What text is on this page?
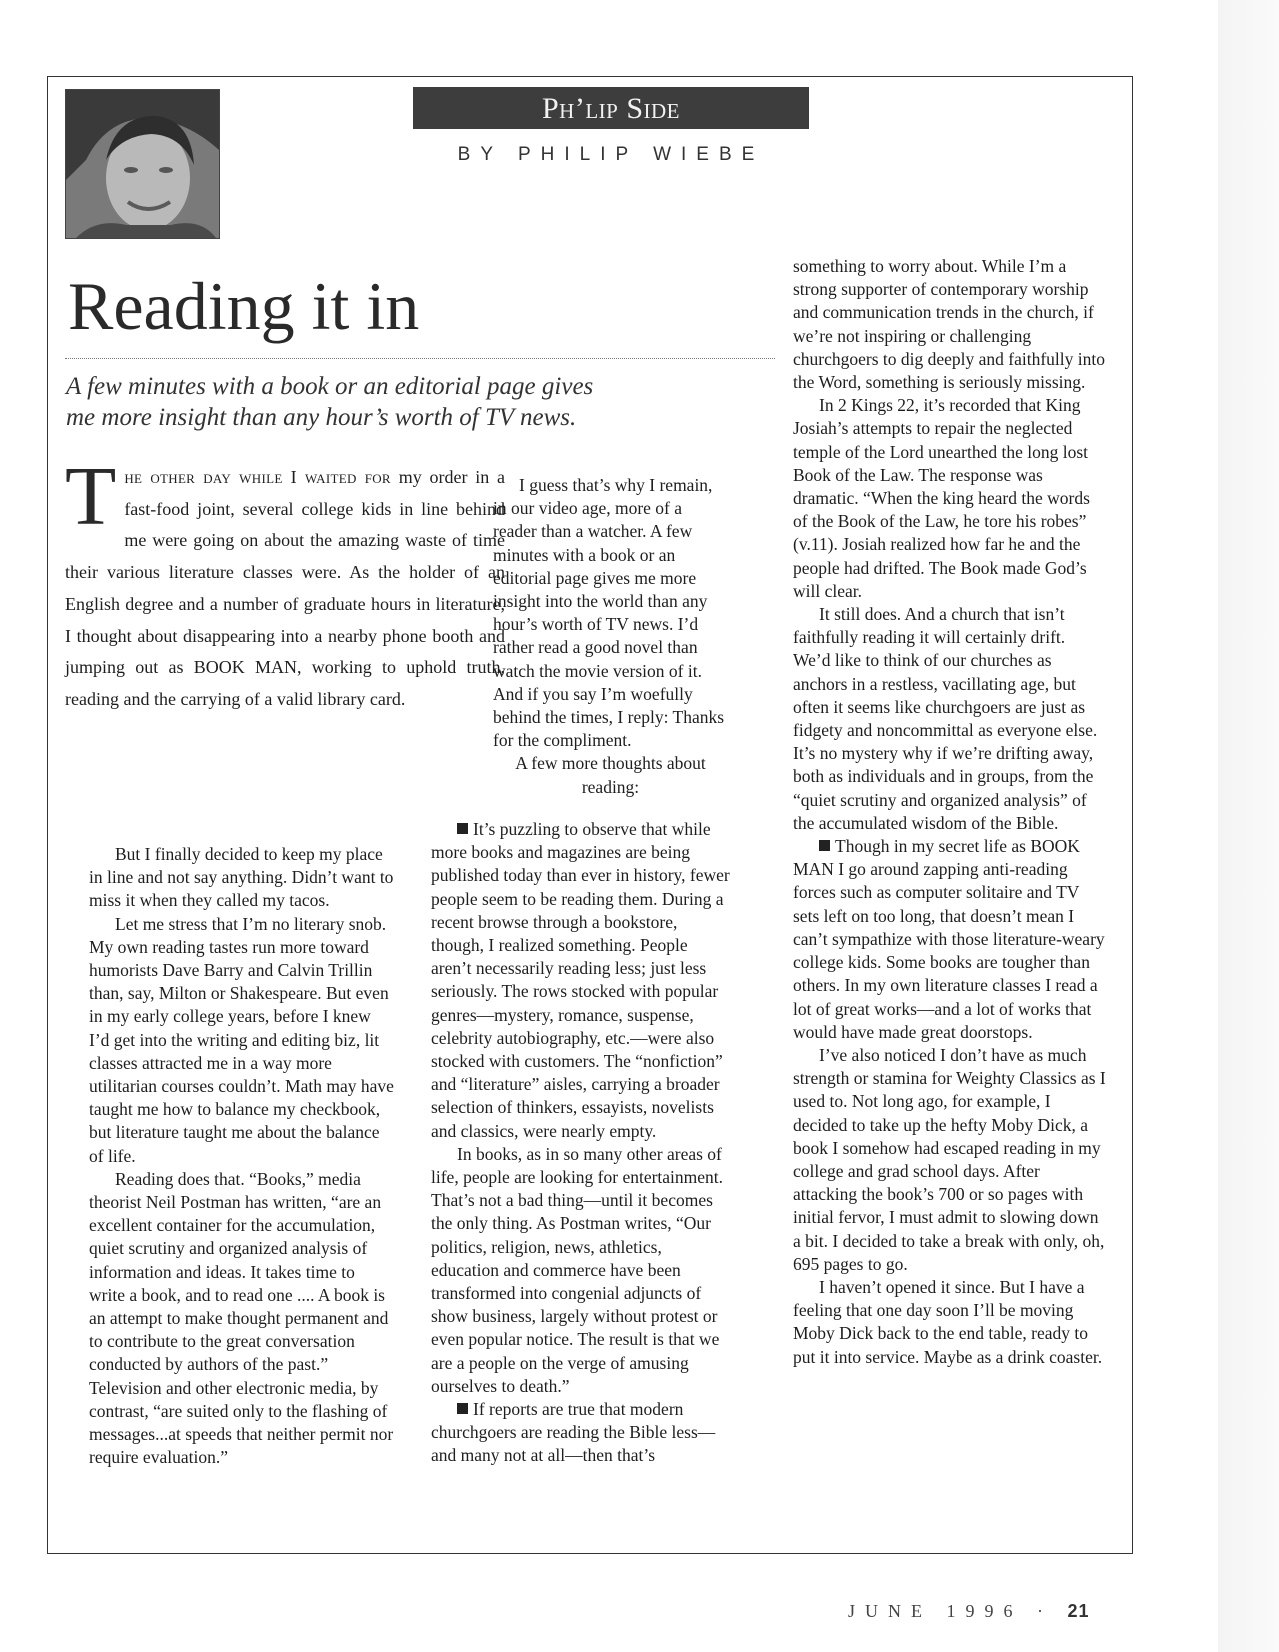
Ph’lip Side
BY PHILIP WIEBE
Reading it in
A few minutes with a book or an editorial page gives
me more insight than any hour’s worth of TV news.
The other day while I waited for my order in a fast-food joint, several college kids in line behind me were going on about the amazing waste of time their various literature classes were. As the holder of an English degree and a number of graduate hours in literature, I thought about disappearing into a nearby phone booth and jumping out as BOOK MAN, working to uphold truth, reading and the carrying of a valid library card.

But I finally decided to keep my place in line and not say anything. Didn’t want to miss it when they called my tacos.

Let me stress that I’m no literary snob. My own reading tastes run more toward humorists Dave Barry and Calvin Trillin than, say, Milton or Shakespeare. But even in my early college years, before I knew I’d get into the writing and editing biz, lit classes attracted me in a way more utilitarian courses couldn’t. Math may have taught me how to balance my checkbook, but literature taught me about the balance of life.

Reading does that. “Books,” media theorist Neil Postman has written, “are an excellent container for the accumulation, quiet scrutiny and organized analysis of information and ideas. It takes time to write a book, and to read one .... A book is an attempt to make thought permanent and to contribute to the great conversation conducted by authors of the past.” Television and other electronic media, by contrast, “are suited only to the flashing of messages...at speeds that neither permit nor require evaluation.”

I guess that’s why I remain, in our video age, more of a reader than a watcher. A few minutes with a book or an editorial page gives me more insight into the world than any hour’s worth of TV news. I’d rather read a good novel than watch the movie version of it. And if you say I’m woefully behind the times, I reply: Thanks for the compliment.

A few more thoughts about reading:

It’s puzzling to observe that while more books and magazines are being published today than ever in history, fewer people seem to be reading them. During a recent browse through a bookstore, though, I realized something. People aren’t necessarily reading less; just less seriously. The rows stocked with popular genres—mystery, romance, suspense, celebrity autobiography, etc.—were also stocked with customers. The “nonfiction” and “literature” aisles, carrying a broader selection of thinkers, essayists, novelists and classics, were nearly empty.

In books, as in so many other areas of life, people are looking for entertainment. That’s not a bad thing—until it becomes the only thing. As Postman writes, “Our politics, religion, news, athletics, education and commerce have been transformed into congenial adjuncts of show business, largely without protest or even popular notice. The result is that we are a people on the verge of amusing ourselves to death.”

If reports are true that modern churchgoers are reading the Bible less—and many not at all—then that’s

something to worry about. While I’m a strong supporter of contemporary worship and communication trends in the church, if we’re not inspiring or challenging churchgoers to dig deeply and faithfully into the Word, something is seriously missing.

In 2 Kings 22, it’s recorded that King Josiah’s attempts to repair the neglected temple of the Lord unearthed the long lost Book of the Law. The response was dramatic. “When the king heard the words of the Book of the Law, he tore his robes” (v.11). Josiah realized how far he and the people had drifted. The Book made God’s will clear.

It still does. And a church that isn’t faithfully reading it will certainly drift. We’d like to think of our churches as anchors in a restless, vacillating age, but often it seems like churchgoers are just as fidgety and noncommittal as everyone else. It’s no mystery why if we’re drifting away, both as individuals and in groups, from the “quiet scrutiny and organized analysis” of the accumulated wisdom of the Bible.

Though in my secret life as BOOK MAN I go around zapping anti-reading forces such as computer solitaire and TV sets left on too long, that doesn’t mean I can’t sympathize with those literature-weary college kids. Some books are tougher than others. In my own literature classes I read a lot of great works—and a lot of works that would have made great doorstops.

I’ve also noticed I don’t have as much strength or stamina for Weighty Classics as I used to. Not long ago, for example, I decided to take up the hefty Moby Dick, a book I somehow had escaped reading in my college and grad school days. After attacking the book’s 700 or so pages with initial fervor, I must admit to slowing down a bit. I decided to take a break with only, oh, 695 pages to go.

I haven’t opened it since. But I have a feeling that one day soon I’ll be moving Moby Dick back to the end table, ready to put it into service. Maybe as a drink coaster.

JUNE 1996 · 21
